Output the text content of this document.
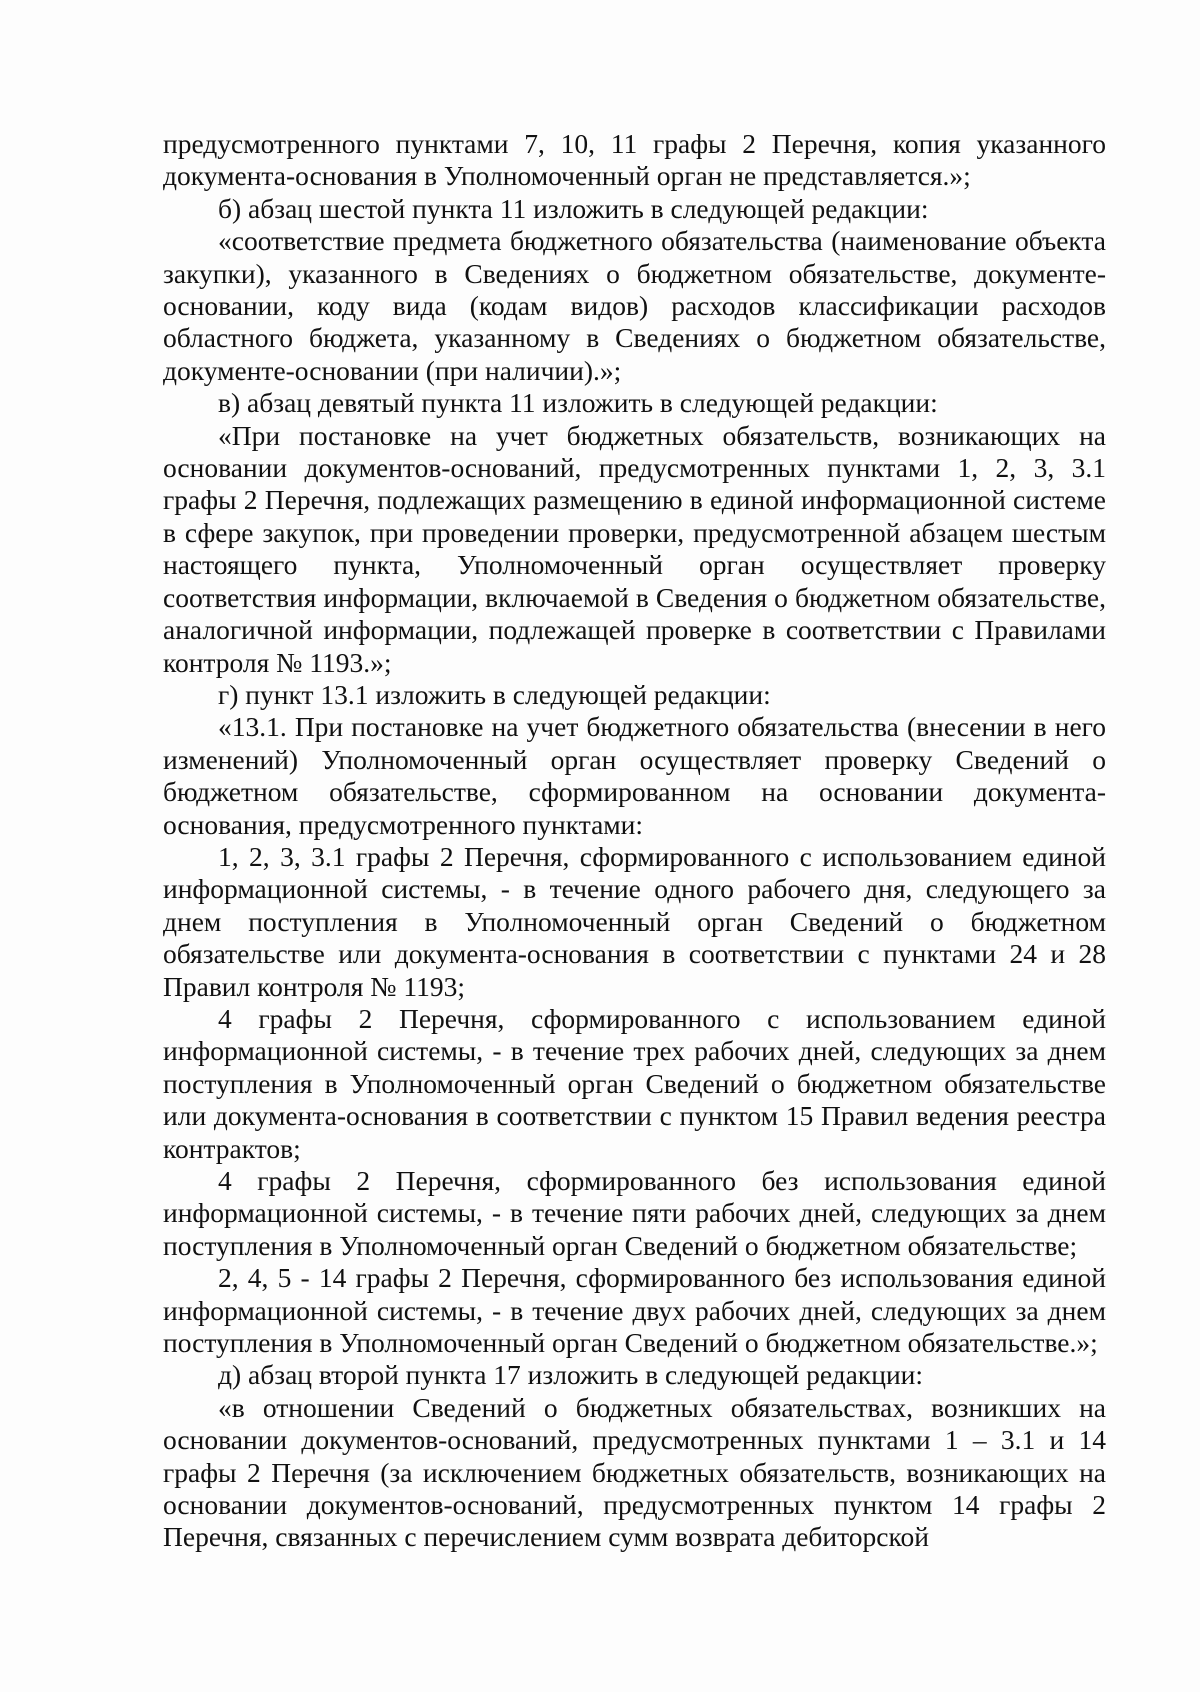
предусмотренного пунктами 7, 10, 11 графы 2 Перечня, копия указанного документа-основания в Уполномоченный орган не представляется.»;

б) абзац шестой пункта 11 изложить в следующей редакции:

«соответствие предмета бюджетного обязательства (наименование объекта закупки), указанного в Сведениях о бюджетном обязательстве, документе-основании, коду вида (кодам видов) расходов классификации расходов областного бюджета, указанному в Сведениях о бюджетном обязательстве, документе-основании (при наличии).»;

в) абзац девятый пункта 11 изложить в следующей редакции:

«При постановке на учет бюджетных обязательств, возникающих на основании документов-оснований, предусмотренных пунктами 1, 2, 3, 3.1 графы 2 Перечня, подлежащих размещению в единой информационной системе в сфере закупок, при проведении проверки, предусмотренной абзацем шестым настоящего пункта, Уполномоченный орган осуществляет проверку соответствия информации, включаемой в Сведения о бюджетном обязательстве, аналогичной информации, подлежащей проверке в соответствии с Правилами контроля № 1193.»;

г) пункт 13.1 изложить в следующей редакции:

«13.1. При постановке на учет бюджетного обязательства (внесении в него изменений) Уполномоченный орган осуществляет проверку Сведений о бюджетном обязательстве, сформированном на основании документа-основания, предусмотренного пунктами:

1, 2, 3, 3.1 графы 2 Перечня, сформированного с использованием единой информационной системы, - в течение одного рабочего дня, следующего за днем поступления в Уполномоченный орган Сведений о бюджетном обязательстве или документа-основания в соответствии с пунктами 24 и 28 Правил контроля № 1193;

4 графы 2 Перечня, сформированного с использованием единой информационной системы, - в течение трех рабочих дней, следующих за днем поступления в Уполномоченный орган Сведений о бюджетном обязательстве или документа-основания в соответствии с пунктом 15 Правил ведения реестра контрактов;

4 графы 2 Перечня, сформированного без использования единой информационной системы, - в течение пяти рабочих дней, следующих за днем поступления в Уполномоченный орган Сведений о бюджетном обязательстве;

2, 4, 5 - 14 графы 2 Перечня, сформированного без использования единой информационной системы, - в течение двух рабочих дней, следующих за днем поступления в Уполномоченный орган Сведений о бюджетном обязательстве.»;

д) абзац второй пункта 17 изложить в следующей редакции:

«в отношении Сведений о бюджетных обязательствах, возникших на основании документов-оснований, предусмотренных пунктами 1 – 3.1 и 14 графы 2 Перечня (за исключением бюджетных обязательств, возникающих на основании документов-оснований, предусмотренных пунктом 14 графы 2 Перечня, связанных с перечислением сумм возврата дебиторской
